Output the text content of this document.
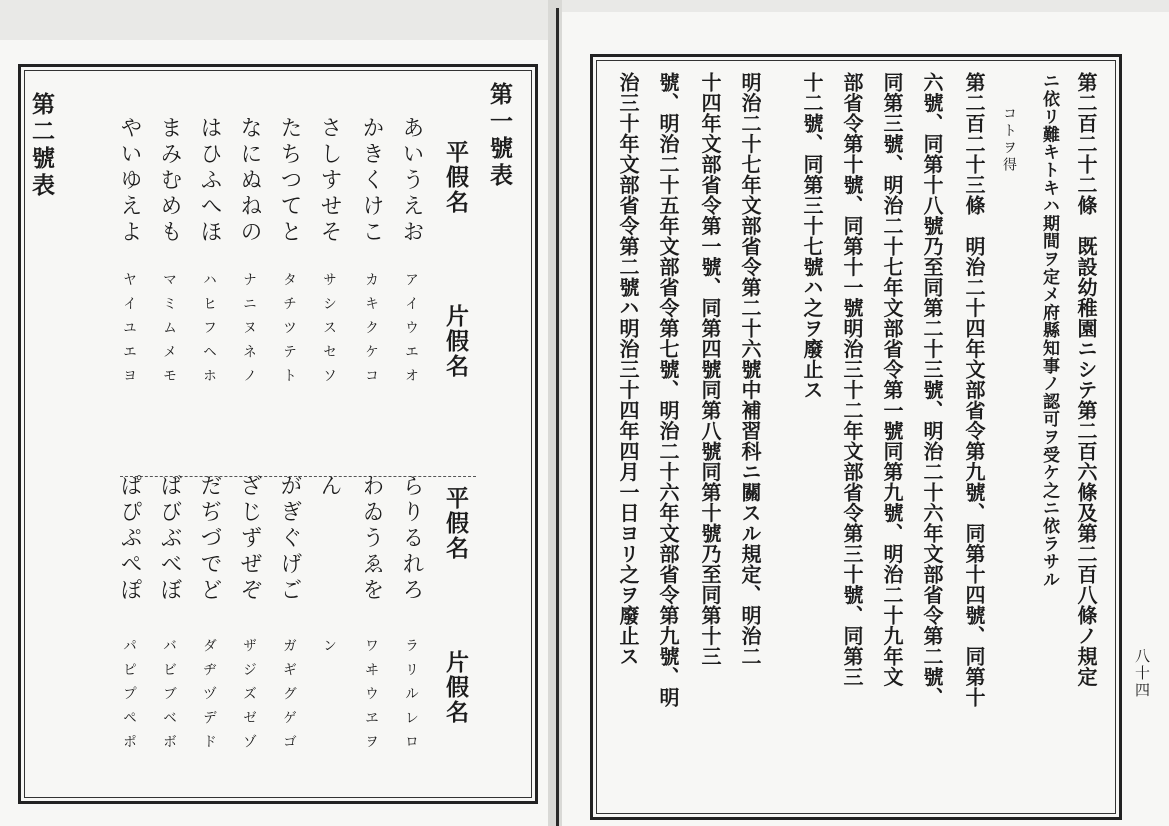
第一號表
第二號表	平假名
片假名
あいうえお
かきくけこ
さしすせそ
たちつてと
なにぬねの
はひふへほ
まみむめも
やいゆえよ
アイウエオ
カキクケコ
サシスセソ
タチツテト
ナニヌネノ
ハヒフヘホ
マミムメモ
ヤイユエヨ
平假名
片假名
らりるれろ
わゐうゑを
ん
がぎぐげご
ざじずぜぞ
だぢづでど
ばびぶべぼ
ぱぴぷぺぽ
ラリルレロ
ワヰウヱヲ
ン
ガギグゲゴ
ザジズゼゾ
ダヂヅデド
バビブベボ
パピプペポ	八十四
第二百二十二條　既設幼稚園ニシテ第二百六條及第二百八條ノ規定
ニ依リ難キトキハ期間ヲ定メ府縣知事ノ認可ヲ受ケ之ニ依ラサル
コトヲ得
第二百二十三條　明治二十四年文部省令第九號、同第十四號、同第十
六號、同第十八號乃至同第二十三號、明治二十六年文部省令第二號、
同第三號、明治二十七年文部省令第一號同第九號、明治二十九年文
部省令第十號、同第十一號明治三十二年文部省令第三十號、同第三
十二號、同第三十七號ハ之ヲ廢止ス
明治二十七年文部省令第二十六號中補習科ニ關スル規定、明治二
十四年文部省令第一號、同第四號同第八號同第十號乃至同第十三
號、明治二十五年文部省令第七號、明治二十六年文部省令第九號、明
治三十年文部省令第二號ハ明治三十四年四月一日ヨリ之ヲ廢止ス
